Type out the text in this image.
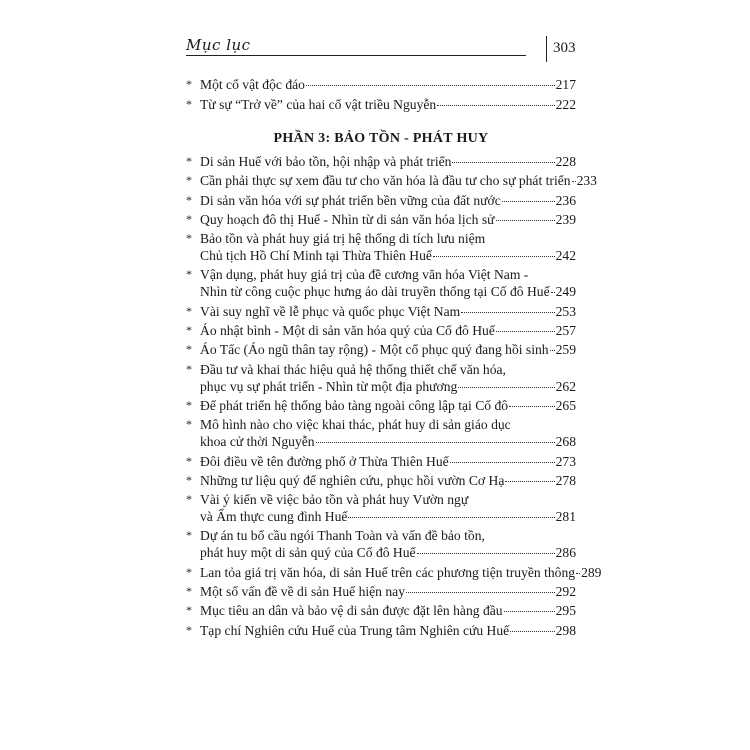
Mục lục	303
* Một cổ vật độc đáo	217
* Từ sự “Trở về” của hai cổ vật triều Nguyễn	222
PHẦN 3: BẢO TỒN - PHÁT HUY
* Di sản Huế với bảo tồn, hội nhập và phát triển	228
* Cần phải thực sự xem đầu tư cho văn hóa là đầu tư cho sự phát triển 233
* Di sản văn hóa với sự phát triển bền vững của đất nước	236
* Quy hoạch đô thị Huế - Nhìn từ di sản văn hóa lịch sử	239
* Bảo tồn và phát huy giá trị hệ thống di tích lưu niệm
Chủ tịch Hồ Chí Minh tại Thừa Thiên Huế	242
* Vận dụng, phát huy giá trị của đề cương văn hóa Việt Nam -
Nhìn từ công cuộc phục hưng áo dài truyền thống tại Cố đô Huế 249
* Vài suy nghĩ về lễ phục và quốc phục Việt Nam	253
* Áo nhật bình - Một di sản văn hóa quý của Cố đô Huế	257
* Áo Tấc (Áo ngũ thân tay rộng) - Một cổ phục quý đang hồi sinh 259
* Đầu tư và khai thác hiệu quả hệ thống thiết chế văn hóa,
phục vụ sự phát triển - Nhìn từ một địa phương	262
* Để phát triển hệ thống bảo tàng ngoài công lập tại Cố đô	265
* Mô hình nào cho việc khai thác, phát huy di sản giáo dục
khoa cử thời Nguyễn	268
* Đôi điều về tên đường phố ở Thừa Thiên Huế	273
* Những tư liệu quý để nghiên cứu, phục hồi vườn Cơ Hạ	278
* Vài ý kiến về việc bảo tồn và phát huy Vườn ngự
và Ẩm thực cung đình Huế	281
* Dự án tu bổ cầu ngói Thanh Toàn và vấn đề bảo tồn,
phát huy một di sản quý của Cố đô Huế	286
* Lan tỏa giá trị văn hóa, di sản Huế trên các phương tiện truyền thông 289
* Một số vấn đề về di sản Huế hiện nay	292
* Mục tiêu an dân và bảo vệ di sản được đặt lên hàng đầu	295
* Tạp chí Nghiên cứu Huế của Trung tâm Nghiên cứu Huế	298
